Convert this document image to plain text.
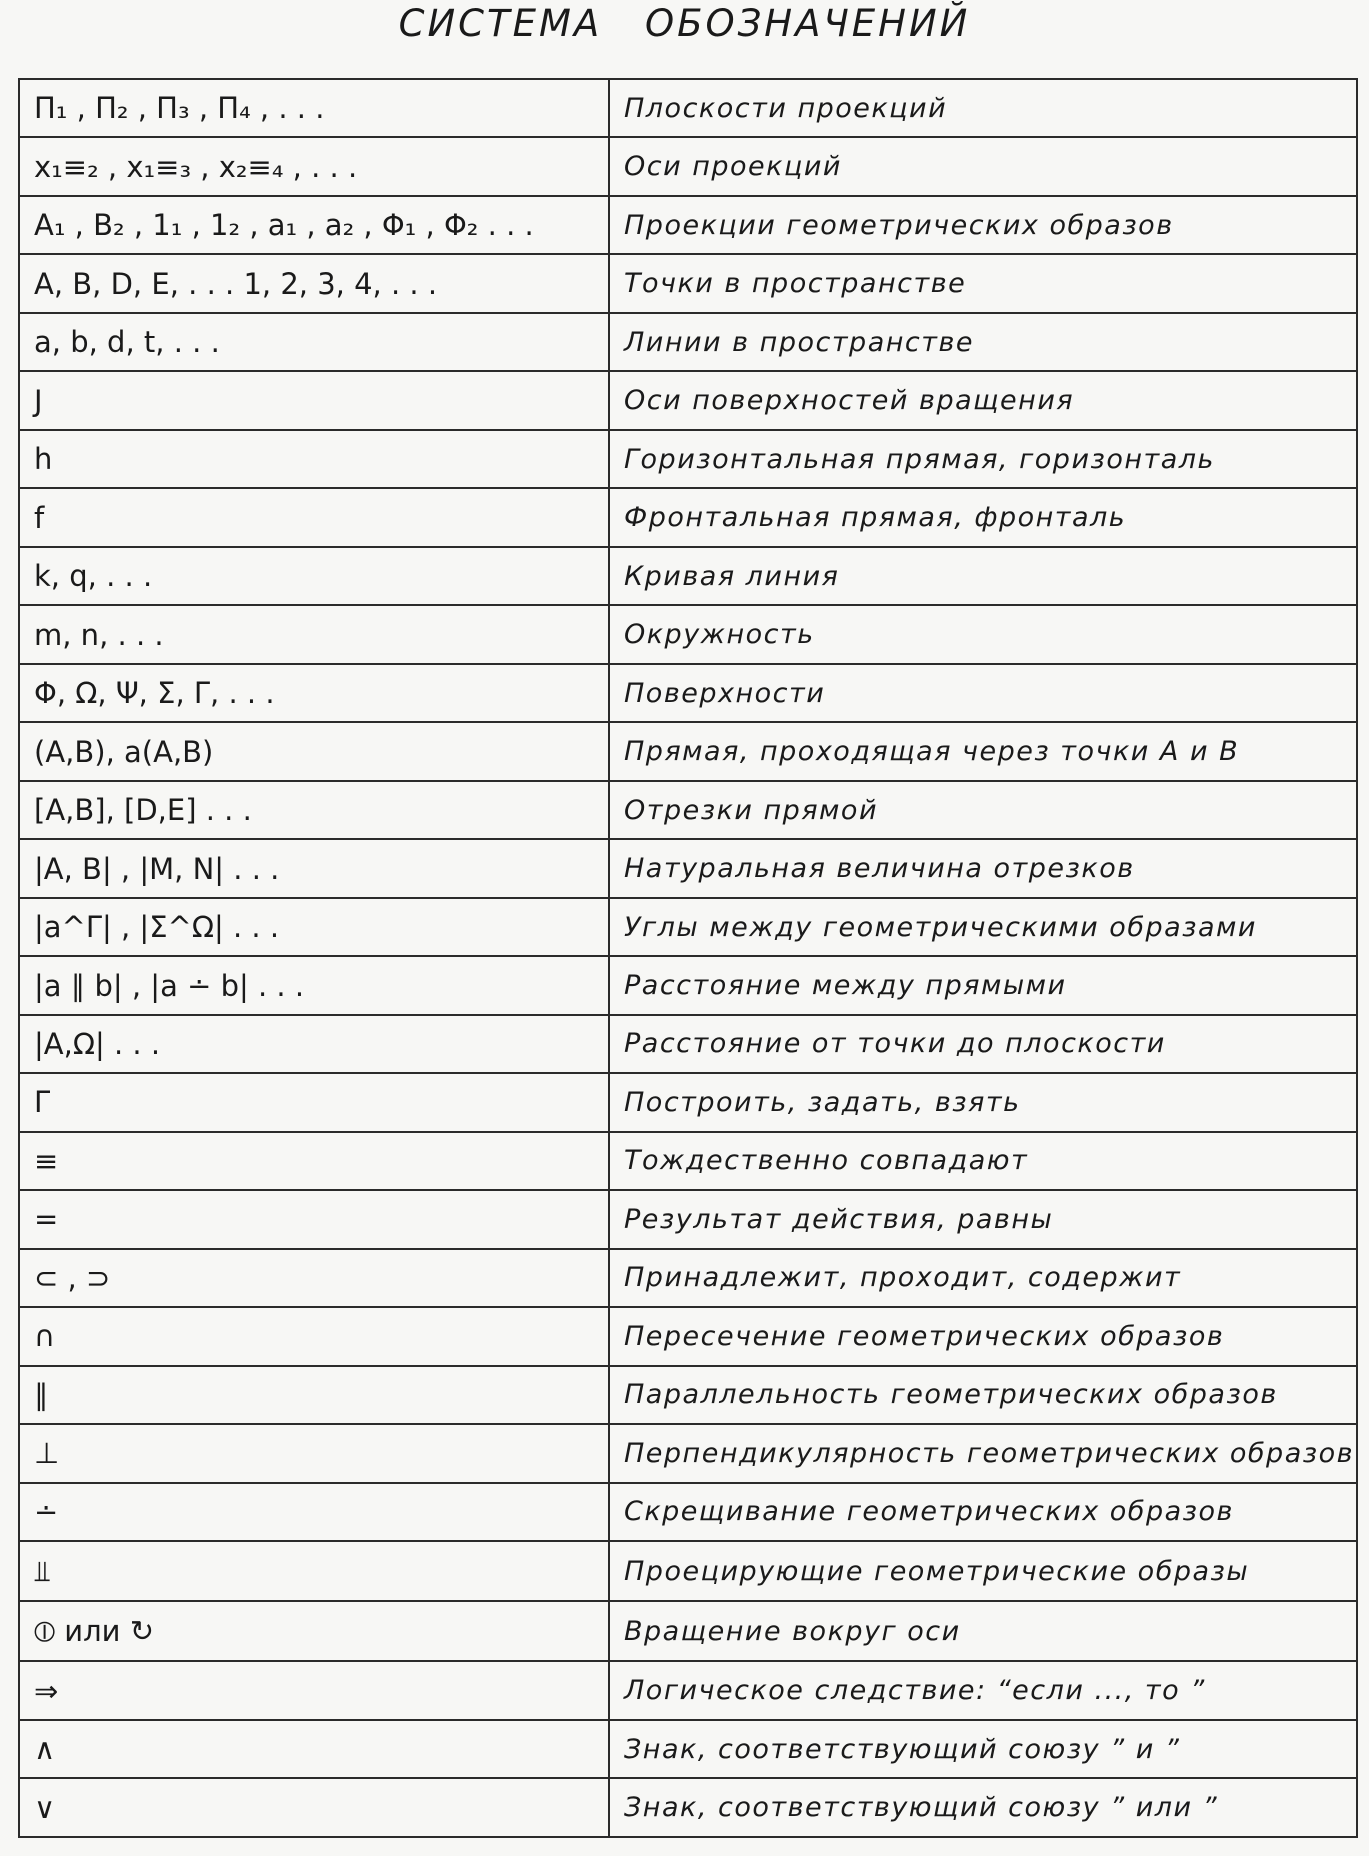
СИСТЕМА ОБОЗНАЧЕНИЙ
Π₁ , Π₂ , Π₃ , Π₄ , . . .	Плоскости проекций
x₁≡₂ , x₁≡₃ , x₂≡₄ , . . .	Оси проекций
A₁ , B₂ , 1₁ , 1₂ , a₁ , a₂ , Φ₁ , Φ₂ . . .	Проекции геометрических образов
A, B, D, E, . . . 1, 2, 3, 4, . . .	Точки в пространстве
a, b, d, t, . . .	Линии в пространстве
J	Оси поверхностей вращения
h	Горизонтальная прямая, горизонталь
f	Фронтальная прямая, фронталь
k, q, . . .	Кривая линия
m, n, . . .	Окружность
Φ, Ω, Ψ, Σ, Γ, . . .	Поверхности
(A,B), a(A,B)	Прямая, проходящая через точки A и B
[A,B], [D,E] . . .	Отрезки прямой
|A, B| , |M, N| . . .	Натуральная величина отрезков
|a^Γ| , |Σ^Ω| . . .	Углы между геометрическими образами
|a ∥ b| , |a ∸ b| . . .	Расстояние между прямыми
|A,Ω| . . .	Расстояние от точки до плоскости
Γ	Построить, задать, взять
≡	Тождественно совпадают
=	Результат действия, равны
⊂ , ⊃	Принадлежит, проходит, содержит
∩	Пересечение геометрических образов
∥	Параллельность геометрических образов
⊥	Перпендикулярность геометрических образов
∸	Скрещивание геометрических образов
⫫	Проецирующие геометрические образы
⦶ или ↻	Вращение вокруг оси
⇒	Логическое следствие: “если ..., то ”
∧	Знак, соответствующий союзу ” и ”
∨	Знак, соответствующий союзу ” или ”
